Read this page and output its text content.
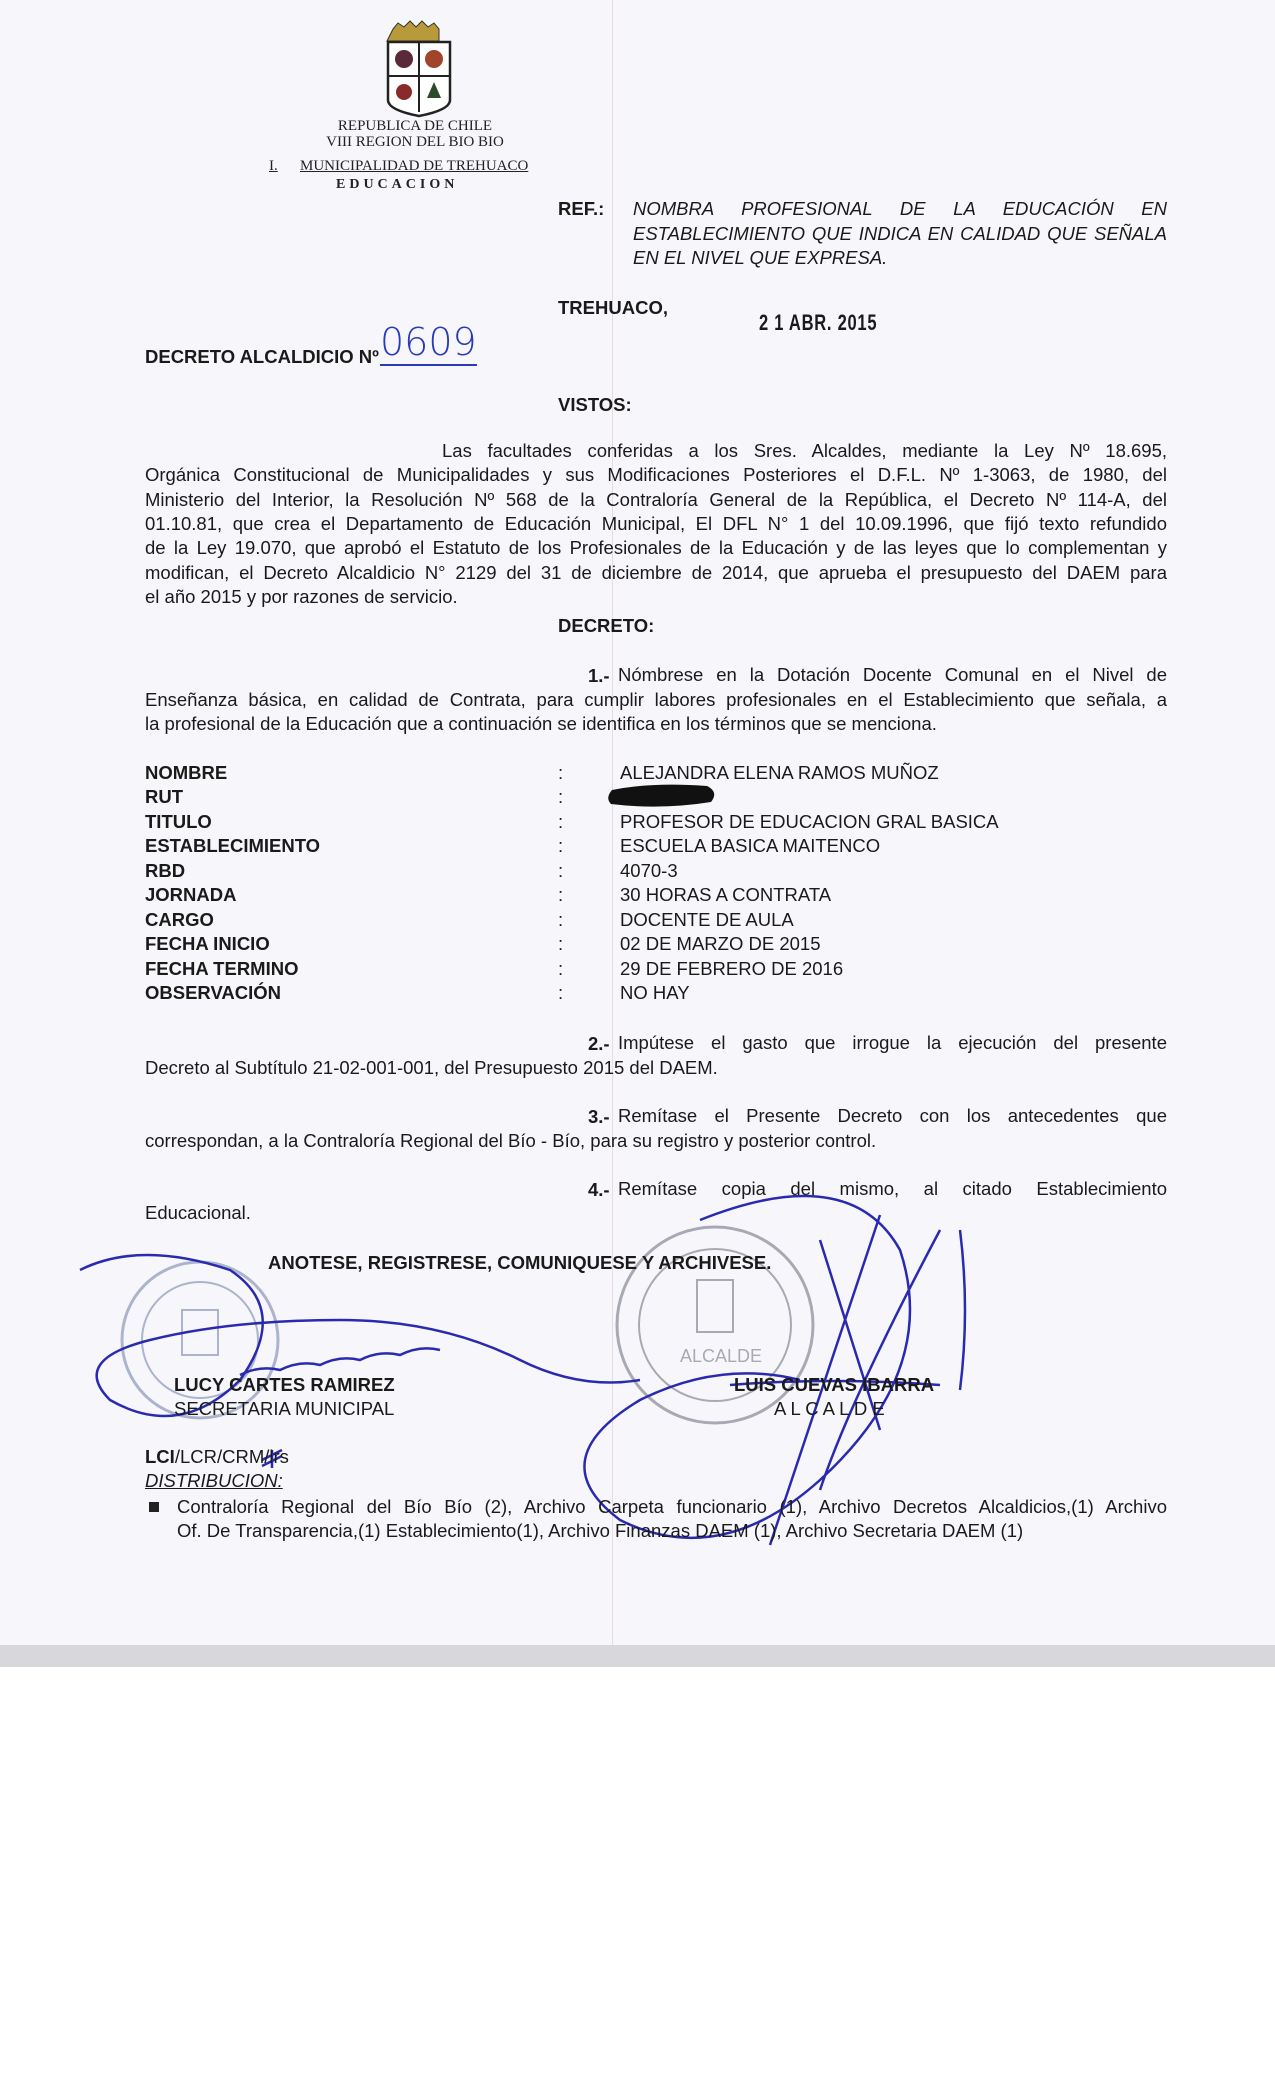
ALCALDE
REPUBLICA DE CHILE
VIII REGION DEL BIO BIO
I. MUNICIPALIDAD DE TREHUACO
EDUCACION
REF.: NOMBRA PROFESIONAL DE LA EDUCACIÓN EN
ESTABLECIMIENTO QUE INDICA EN CALIDAD QUE SEÑALA
EN EL NIVEL QUE EXPRESA.
TREHUACO,
2 1 ABR. 2015
DECRETO ALCALDICIO Nº 0609
VISTOS:
Las facultades conferidas a los Sres. Alcaldes, mediante la Ley Nº 18.695,
Orgánica Constitucional de Municipalidades y sus Modificaciones Posteriores el D.F.L. Nº 1-3063, de 1980, del
Ministerio del Interior, la Resolución Nº 568 de la Contraloría General de la República, el Decreto Nº 114-A, del
01.10.81, que crea el Departamento de Educación Municipal, El DFL N° 1 del 10.09.1996, que fijó texto refundido
de la Ley 19.070, que aprobó el Estatuto de los Profesionales de la Educación y de las leyes que lo complementan y
modifican, el Decreto Alcaldicio N° 2129 del 31 de diciembre de 2014, que aprueba el presupuesto del DAEM para
el año 2015 y por razones de servicio.
DECRETO:
1.- Nómbrese en la Dotación Docente Comunal en el Nivel de
Enseñanza básica, en calidad de Contrata, para cumplir labores profesionales en el Establecimiento que señala, a
la profesional de la Educación que a continuación se identifica en los términos que se menciona.
NOMBRE	:	ALEJANDRA ELENA RAMOS MUÑOZ
RUT	:
TITULO	:	PROFESOR DE EDUCACION GRAL BASICA
ESTABLECIMIENTO	:	ESCUELA BASICA MAITENCO
RBD	:	4070-3
JORNADA	:	30 HORAS A CONTRATA
CARGO	:	DOCENTE DE AULA
FECHA INICIO	:	02 DE MARZO DE 2015
FECHA TERMINO	:	29 DE FEBRERO DE 2016
OBSERVACIÓN	:	NO HAY
2.- Impútese el gasto que irrogue la ejecución del presente
Decreto al Subtítulo 21-02-001-001, del Presupuesto 2015 del DAEM.
3.- Remítase el Presente Decreto con los antecedentes que
correspondan, a la Contraloría Regional del Bío - Bío, para su registro y posterior control.
4.- Remítase copia del mismo, al citado Establecimiento
Educacional.
ANOTESE, REGISTRESE, COMUNIQUESE Y ARCHIVESE.
LUCY CARTES RAMIREZ
SECRETARIA MUNICIPAL
LUIS CUEVAS IBARRA
A L C A L D E
LCI/LCR/CRM/lrs
DISTRIBUCION:
Contraloría Regional del Bío Bío (2), Archivo Carpeta funcionario (1), Archivo Decretos Alcaldicios,(1) Archivo
Of. De Transparencia,(1) Establecimiento(1), Archivo Finanzas DAEM (1), Archivo Secretaria DAEM (1)
